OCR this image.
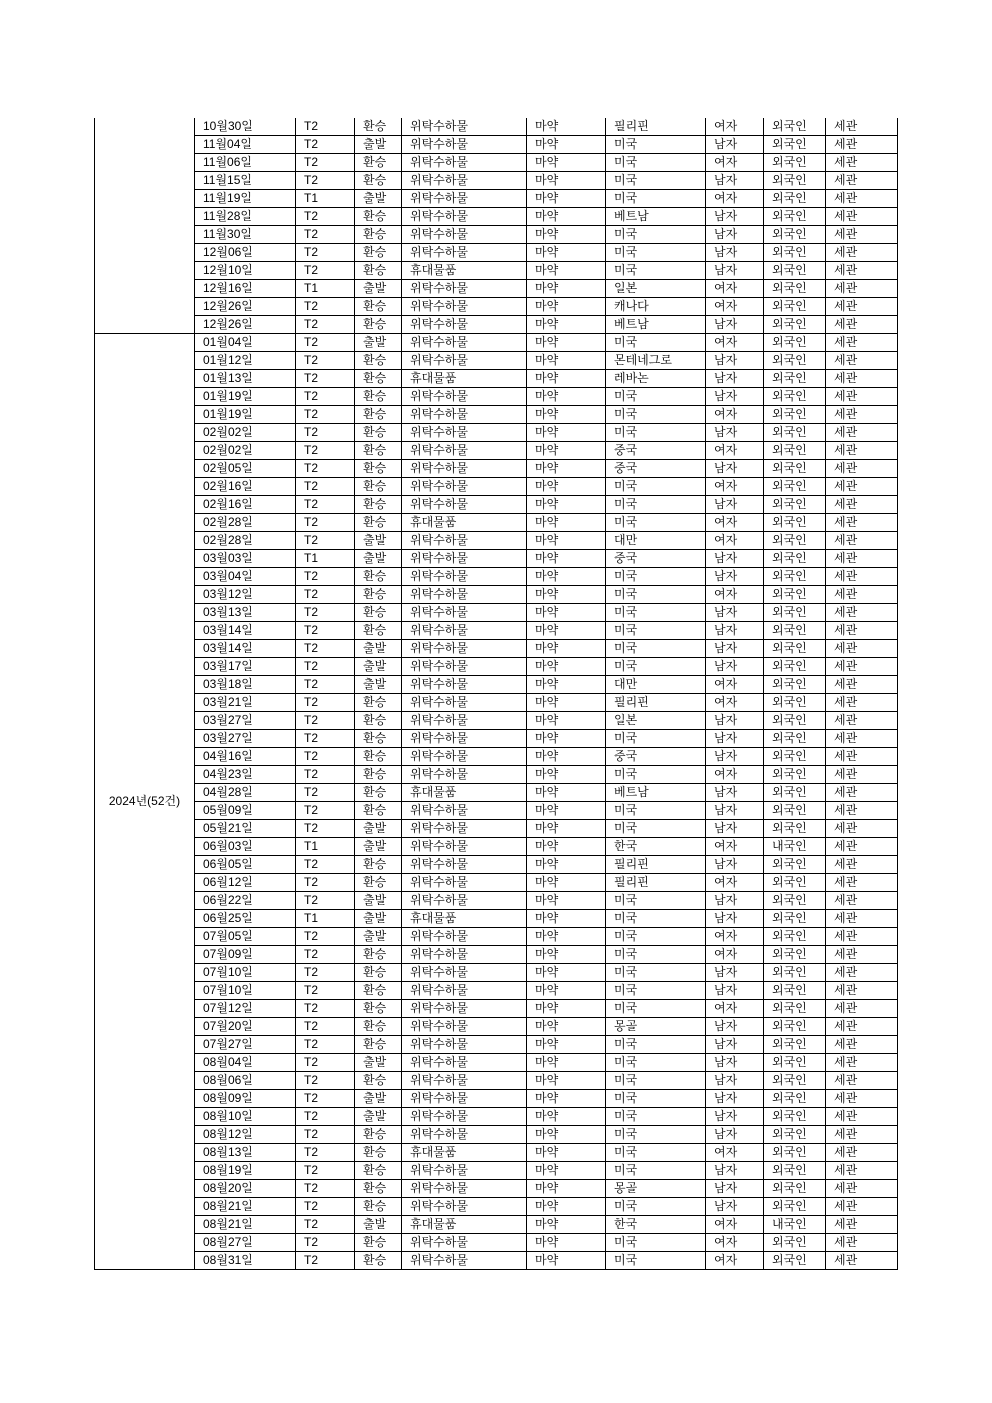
	10월30일	T2	환승	위탁수하물	마약	필리핀	여자	외국인	세관
	11월04일	T2	출발	위탁수하물	마약	미국	남자	외국인	세관
	11월06일	T2	환승	위탁수하물	마약	미국	여자	외국인	세관
	11월15일	T2	환승	위탁수하물	마약	미국	남자	외국인	세관
	11월19일	T1	출발	위탁수하물	마약	미국	여자	외국인	세관
	11월28일	T2	환승	위탁수하물	마약	베트남	남자	외국인	세관
	11월30일	T2	환승	위탁수하물	마약	미국	남자	외국인	세관
	12월06일	T2	환승	위탁수하물	마약	미국	남자	외국인	세관
	12월10일	T2	환승	휴대물품	마약	미국	남자	외국인	세관
	12월16일	T1	출발	위탁수하물	마약	일본	여자	외국인	세관
	12월26일	T2	환승	위탁수하물	마약	캐나다	여자	외국인	세관
	12월26일	T2	환승	위탁수하물	마약	베트남	남자	외국인	세관
2024년(52건)	01월04일	T2	출발	위탁수하물	마약	미국	여자	외국인	세관
	01월12일	T2	환승	위탁수하물	마약	몬테네그로	남자	외국인	세관
	01월13일	T2	환승	휴대물품	마약	레바논	남자	외국인	세관
	01월19일	T2	환승	위탁수하물	마약	미국	남자	외국인	세관
	01월19일	T2	환승	위탁수하물	마약	미국	여자	외국인	세관
	02월02일	T2	환승	위탁수하물	마약	미국	남자	외국인	세관
	02월02일	T2	환승	위탁수하물	마약	중국	여자	외국인	세관
	02월05일	T2	환승	위탁수하물	마약	중국	남자	외국인	세관
	02월16일	T2	환승	위탁수하물	마약	미국	여자	외국인	세관
	02월16일	T2	환승	위탁수하물	마약	미국	남자	외국인	세관
	02월28일	T2	환승	휴대물품	마약	미국	여자	외국인	세관
	02월28일	T2	출발	위탁수하물	마약	대만	여자	외국인	세관
	03월03일	T1	출발	위탁수하물	마약	중국	남자	외국인	세관
	03월04일	T2	환승	위탁수하물	마약	미국	남자	외국인	세관
	03월12일	T2	환승	위탁수하물	마약	미국	여자	외국인	세관
	03월13일	T2	환승	위탁수하물	마약	미국	남자	외국인	세관
	03월14일	T2	환승	위탁수하물	마약	미국	남자	외국인	세관
	03월14일	T2	출발	위탁수하물	마약	미국	남자	외국인	세관
	03월17일	T2	출발	위탁수하물	마약	미국	남자	외국인	세관
	03월18일	T2	출발	위탁수하물	마약	대만	여자	외국인	세관
	03월21일	T2	환승	위탁수하물	마약	필리핀	여자	외국인	세관
	03월27일	T2	환승	위탁수하물	마약	일본	남자	외국인	세관
	03월27일	T2	환승	위탁수하물	마약	미국	남자	외국인	세관
	04월16일	T2	환승	위탁수하물	마약	중국	남자	외국인	세관
	04월23일	T2	환승	위탁수하물	마약	미국	여자	외국인	세관
	04월28일	T2	환승	휴대물품	마약	베트남	남자	외국인	세관
	05월09일	T2	환승	위탁수하물	마약	미국	남자	외국인	세관
	05월21일	T2	출발	위탁수하물	마약	미국	남자	외국인	세관
	06월03일	T1	출발	위탁수하물	마약	한국	여자	내국인	세관
	06월05일	T2	환승	위탁수하물	마약	필리핀	남자	외국인	세관
	06월12일	T2	환승	위탁수하물	마약	필리핀	여자	외국인	세관
	06월22일	T2	출발	위탁수하물	마약	미국	남자	외국인	세관
	06월25일	T1	출발	휴대물품	마약	미국	남자	외국인	세관
	07월05일	T2	출발	위탁수하물	마약	미국	여자	외국인	세관
	07월09일	T2	환승	위탁수하물	마약	미국	여자	외국인	세관
	07월10일	T2	환승	위탁수하물	마약	미국	남자	외국인	세관
	07월10일	T2	환승	위탁수하물	마약	미국	남자	외국인	세관
	07월12일	T2	환승	위탁수하물	마약	미국	여자	외국인	세관
	07월20일	T2	환승	위탁수하물	마약	몽골	남자	외국인	세관
	07월27일	T2	환승	위탁수하물	마약	미국	남자	외국인	세관
	08월04일	T2	출발	위탁수하물	마약	미국	남자	외국인	세관
	08월06일	T2	환승	위탁수하물	마약	미국	남자	외국인	세관
	08월09일	T2	출발	위탁수하물	마약	미국	남자	외국인	세관
	08월10일	T2	출발	위탁수하물	마약	미국	남자	외국인	세관
	08월12일	T2	환승	위탁수하물	마약	미국	남자	외국인	세관
	08월13일	T2	환승	휴대물품	마약	미국	여자	외국인	세관
	08월19일	T2	환승	위탁수하물	마약	미국	남자	외국인	세관
	08월20일	T2	환승	위탁수하물	마약	몽골	남자	외국인	세관
	08월21일	T2	환승	위탁수하물	마약	미국	남자	외국인	세관
	08월21일	T2	출발	휴대물품	마약	한국	여자	내국인	세관
	08월27일	T2	환승	위탁수하물	마약	미국	여자	외국인	세관
	08월31일	T2	환승	위탁수하물	마약	미국	여자	외국인	세관
